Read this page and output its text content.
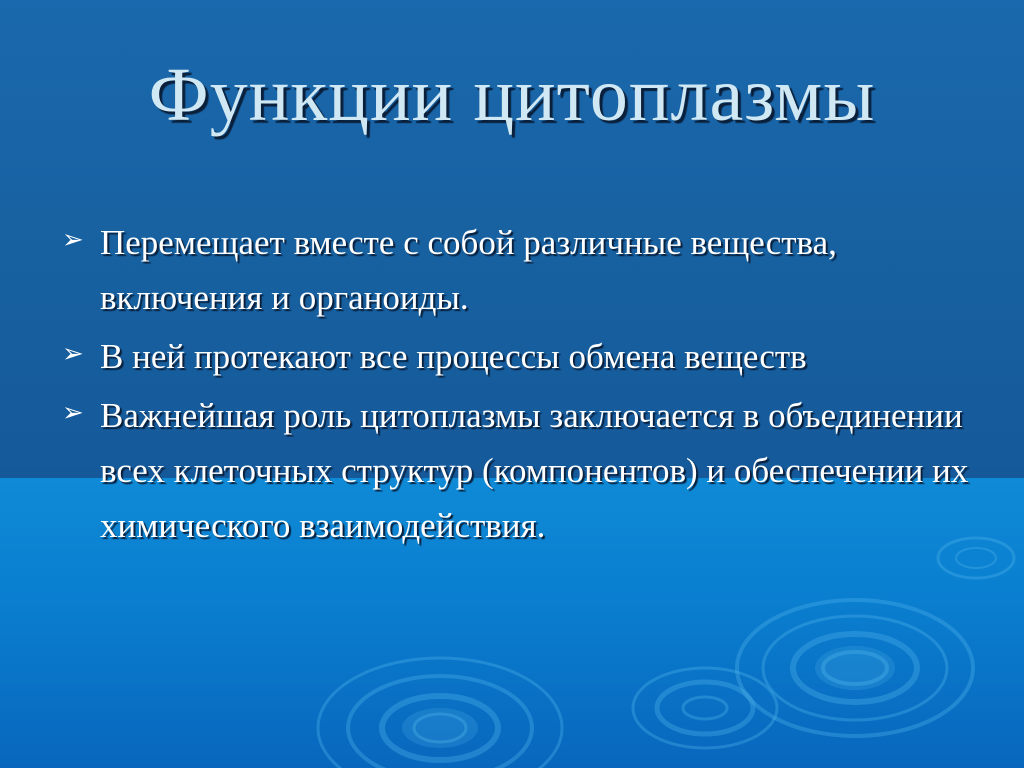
Функции цитоплазмы
➢ Перемещает вместе с собой различные вещества, включения и органоиды.
➢ В ней протекают все процессы обмена веществ
➢ Важнейшая роль цитоплазмы заключается в объединении всех клеточных структур (компонентов) и обеспечении их химического взаимодействия.
